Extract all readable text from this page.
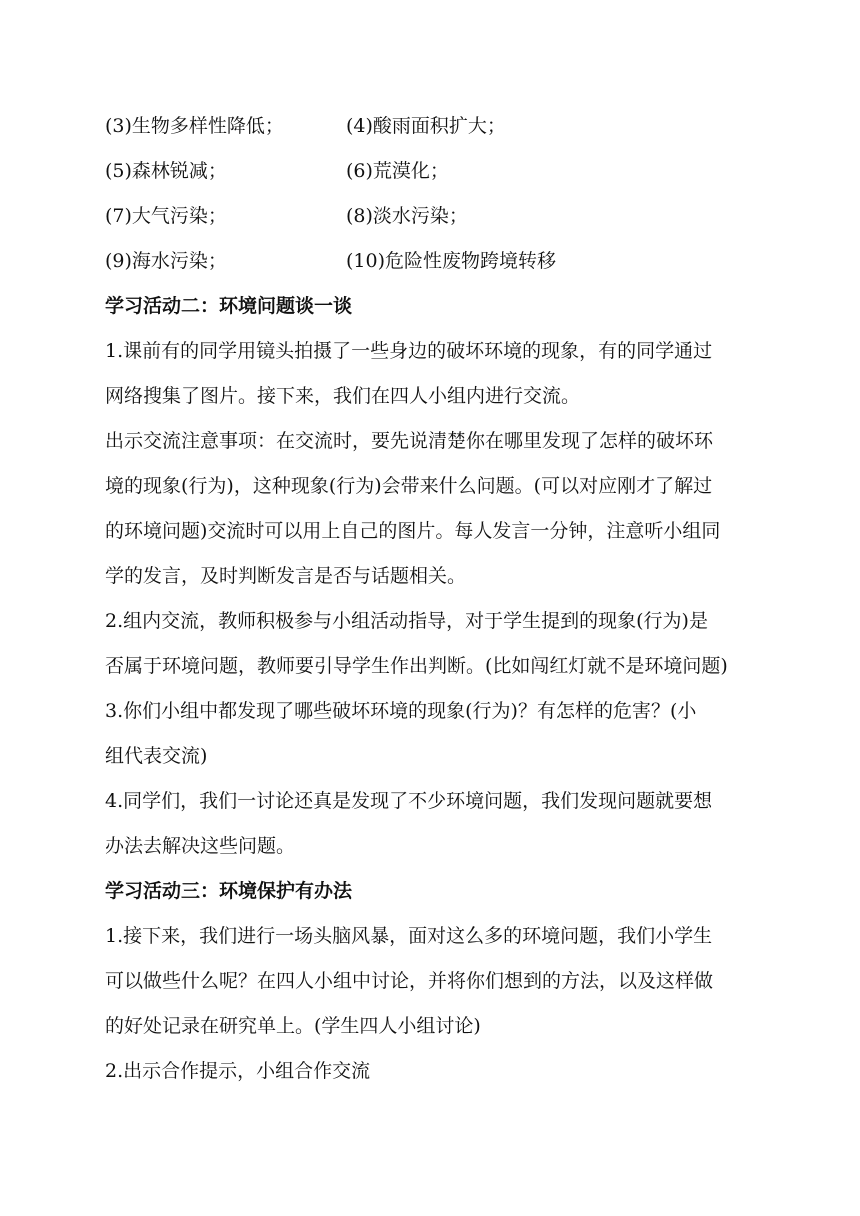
(3)生物多样性降低；	(4)酸雨面积扩大；
(5)森林锐减；	(6)荒漠化；
(7)大气污染；	(8)淡水污染；
(9)海水污染；	(10)危险性废物跨境转移
学习活动二：环境问题谈一谈
1.课前有的同学用镜头拍摄了一些身边的破坏环境的现象，有的同学通过
网络搜集了图片。接下来，我们在四人小组内进行交流。
出示交流注意事项：在交流时，要先说清楚你在哪里发现了怎样的破坏环
境的现象(行为)，这种现象(行为)会带来什么问题。(可以对应刚才了解过
的环境问题)交流时可以用上自己的图片。每人发言一分钟，注意听小组同
学的发言，及时判断发言是否与话题相关。
2.组内交流，教师积极参与小组活动指导，对于学生提到的现象(行为)是
否属于环境问题，教师要引导学生作出判断。(比如闯红灯就不是环境问题)
3.你们小组中都发现了哪些破坏环境的现象(行为)？有怎样的危害？(小
组代表交流)
4.同学们，我们一讨论还真是发现了不少环境问题，我们发现问题就要想
办法去解决这些问题。
学习活动三：环境保护有办法
1.接下来，我们进行一场头脑风暴，面对这么多的环境问题，我们小学生
可以做些什么呢？在四人小组中讨论，并将你们想到的方法，以及这样做
的好处记录在研究单上。(学生四人小组讨论)
2.出示合作提示，小组合作交流
